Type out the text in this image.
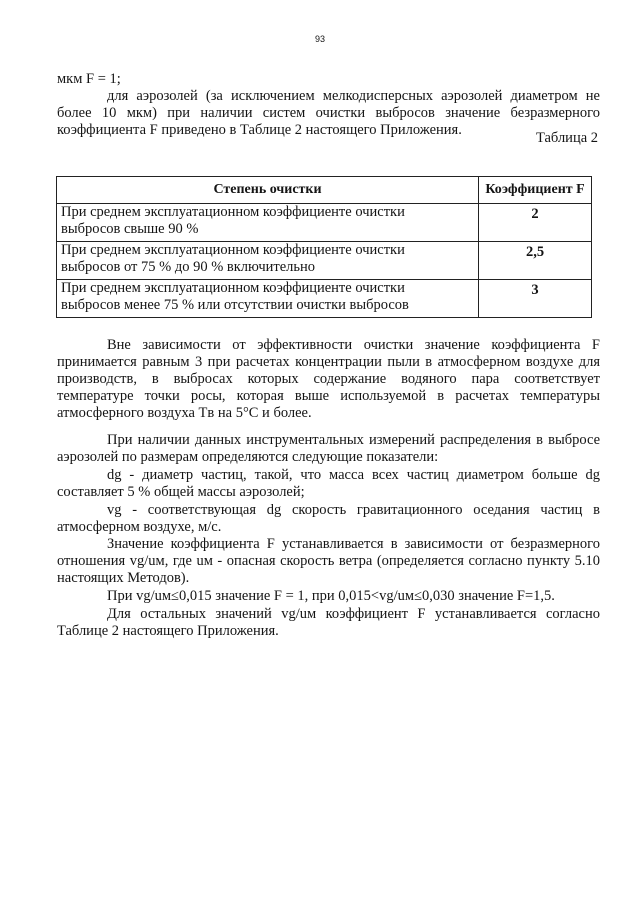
93
мкм F = 1;
для аэрозолей (за исключением мелкодисперсных аэрозолей диаметром не
более 10 мкм) при наличии систем очистки выбросов значение безразмерного
коэффициента F приведено в Таблице 2 настоящего Приложения.	Таблица 2
Степень очистки	Коэффициент F

При среднем эксплуатационном коэффициенте очистки
выбросов свыше 90 %	2

При среднем эксплуатационном коэффициенте очистки
выбросов от 75 % до 90 % включительно	2,5

При среднем эксплуатационном коэффициенте очистки
выбросов менее 75 % или отсутствии очистки выбросов	3
Вне зависимости от эффективности очистки значение коэффициента F
принимается равным 3 при расчетах концентрации пыли в атмосферном воздухе для
производств, в выбросах которых содержание водяного пара соответствует
температуре точки росы, которая выше используемой в расчетах температуры
атмосферного воздуха Tв на 5°С и более.
При наличии данных инструментальных измерений распределения в выбросе
аэрозолей по размерам определяются следующие показатели:
dg - диаметр частиц, такой, что масса всех частиц диаметром больше dg
составляет 5 % общей массы аэрозолей;
vg - соответствующая dg скорость гравитационного оседания частиц в
атмосферном воздухе, м/с.
Значение коэффициента F устанавливается в зависимости от безразмерного
отношения vg/uм, где uм - опасная скорость ветра (определяется согласно пункту 5.10
настоящих Методов).
При vg/uм≤0,015 значение F = 1, при 0,015<vg/uм≤0,030 значение F=1,5.
Для остальных значений vg/uм коэффициент F устанавливается согласно
Таблице 2 настоящего Приложения.
